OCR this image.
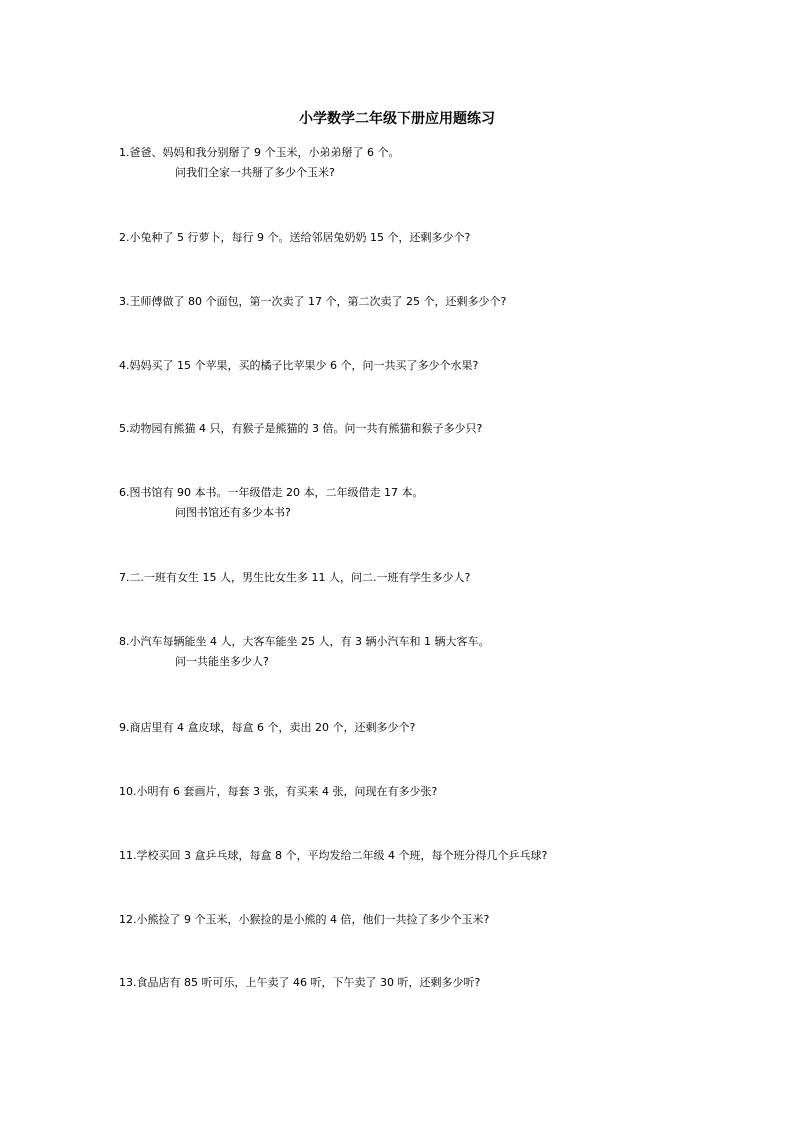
小学数学二年级下册应用题练习
1.爸爸、妈妈和我分别掰了 9 个玉米，小弟弟掰了 6 个。
问我们全家一共掰了多少个玉米?
2.小兔种了 5 行萝卜，每行 9 个。送给邻居兔奶奶 15 个，还剩多少个?
3.王师傅做了 80 个面包，第一次卖了 17 个，第二次卖了 25 个，还剩多少个?
4.妈妈买了 15 个苹果，买的橘子比苹果少 6 个，问一共买了多少个水果?
5.动物园有熊猫 4 只，有猴子是熊猫的 3 倍。问一共有熊猫和猴子多少只?
6.图书馆有 90 本书。一年级借走 20 本，二年级借走 17 本。
问图书馆还有多少本书?
7.二.一班有女生 15 人，男生比女生多 11 人，问二.一班有学生多少人?
8.小汽车每辆能坐 4 人，大客车能坐 25 人，有 3 辆小汽车和 1 辆大客车。
问一共能坐多少人?
9.商店里有 4 盒皮球，每盒 6 个，卖出 20 个，还剩多少个?
10.小明有 6 套画片，每套 3 张，有买来 4 张，问现在有多少张?
11.学校买回 3 盒乒乓球，每盒 8 个，平均发给二年级 4 个班，每个班分得几个乒乓球?
12.小熊捡了 9 个玉米，小猴捡的是小熊的 4 倍，他们一共捡了多少个玉米?
13.食品店有 85 听可乐，上午卖了 46 听，下午卖了 30 听，还剩多少听?
